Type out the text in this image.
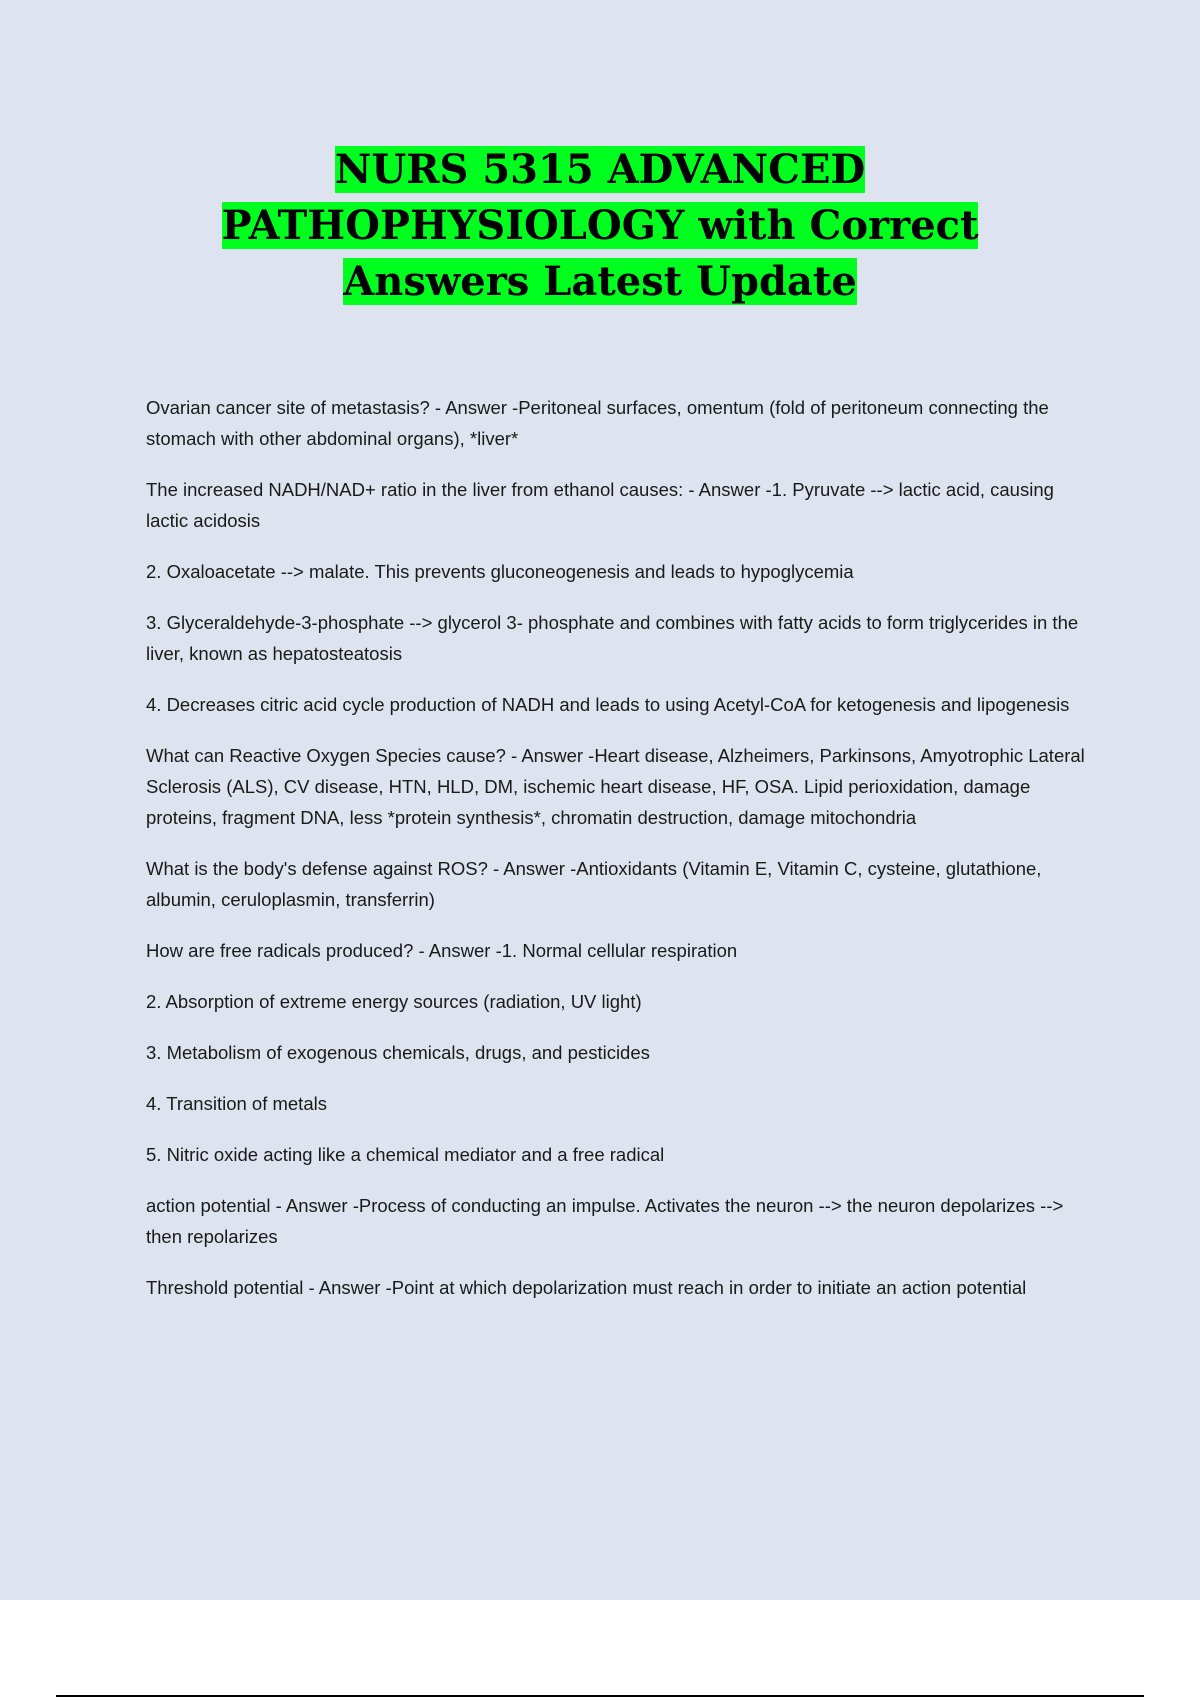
NURS 5315 ADVANCED
PATHOPHYSIOLOGY with Correct
Answers Latest Update

Ovarian cancer site of metastasis? - Answer -Peritoneal surfaces, omentum (fold of peritoneum connecting the stomach with other abdominal organs), *liver*

The increased NADH/NAD+ ratio in the liver from ethanol causes: - Answer -1. Pyruvate --> lactic acid, causing lactic acidosis

2. Oxaloacetate --> malate. This prevents gluconeogenesis and leads to hypoglycemia

3. Glyceraldehyde-3-phosphate --> glycerol 3- phosphate and combines with fatty acids to form triglycerides in the liver, known as hepatosteatosis

4. Decreases citric acid cycle production of NADH and leads to using Acetyl-CoA for ketogenesis and lipogenesis

What can Reactive Oxygen Species cause? - Answer -Heart disease, Alzheimers, Parkinsons, Amyotrophic Lateral Sclerosis (ALS), CV disease, HTN, HLD, DM, ischemic heart disease, HF, OSA. Lipid perioxidation, damage proteins, fragment DNA, less *protein synthesis*, chromatin destruction, damage mitochondria

What is the body's defense against ROS? - Answer -Antioxidants (Vitamin E, Vitamin C, cysteine, glutathione, albumin, ceruloplasmin, transferrin)

How are free radicals produced? - Answer -1. Normal cellular respiration

2. Absorption of extreme energy sources (radiation, UV light)

3. Metabolism of exogenous chemicals, drugs, and pesticides

4. Transition of metals

5. Nitric oxide acting like a chemical mediator and a free radical

action potential - Answer -Process of conducting an impulse. Activates the neuron --> the neuron depolarizes --> then repolarizes

Threshold potential - Answer -Point at which depolarization must reach in order to initiate an action potential
